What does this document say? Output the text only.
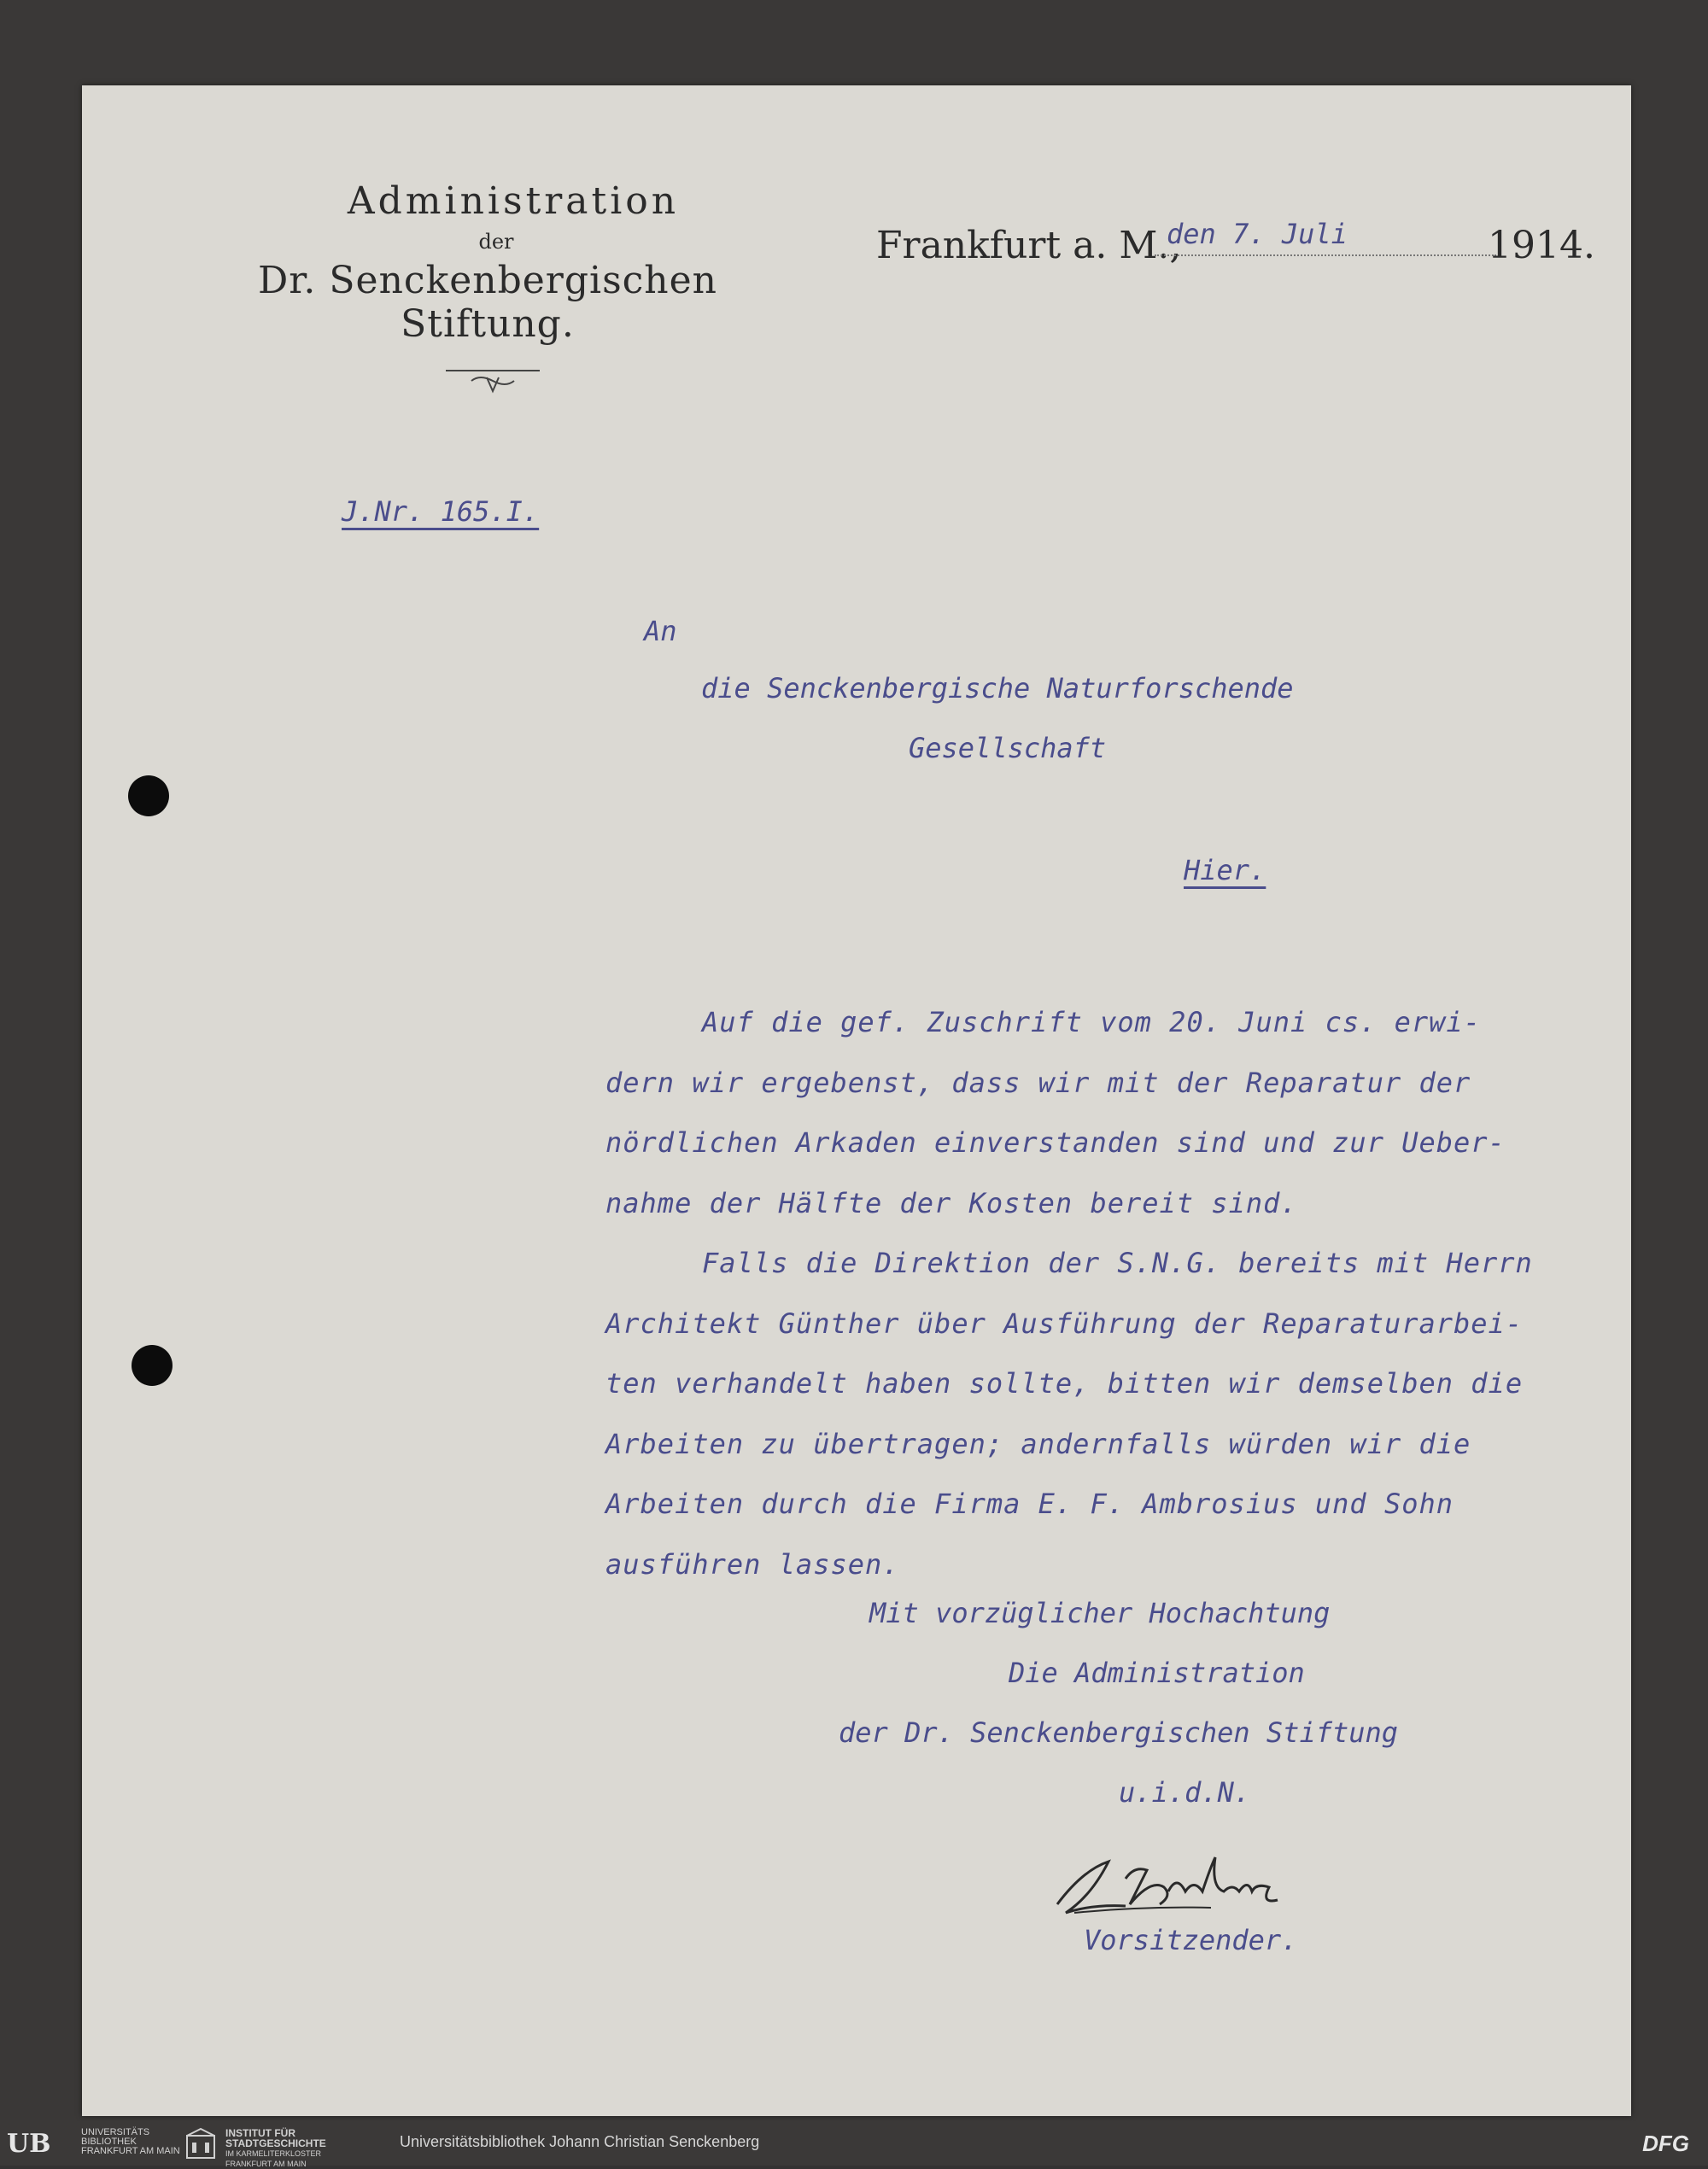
Administration
der
Dr. Senckenbergischen Stiftung.
Frankfurt a. M.,
den 7. Juli	1914.
J.Nr. 165.I.
An
die Senckenbergische Naturforschende
Gesellschaft
Hier.

Auf die gef. Zuschrift vom 20. Juni cs. erwi-

dern wir ergebenst, dass wir mit der Reparatur der

nördlichen Arkaden einverstanden sind und zur Ueber-

nahme der Hälfte der Kosten bereit sind.

Falls die Direktion der S.N.G. bereits mit Herrn

Architekt Günther über Ausführung der Reparaturarbei-

ten verhandelt haben sollte, bitten wir demselben die

Arbeiten zu übertragen; andernfalls würden wir die

Arbeiten durch die Firma E. F. Ambrosius und Sohn

ausführen lassen.

Mit vorzüglicher Hochachtung
Die Administration
der Dr. Senckenbergischen Stiftung
u.i.d.N.
Vorsitzender.
UB	UNIVERSITÄTS
BIBLIOTHEK
FRANKFURT AM MAIN
INSTITUT FÜR
STADTGESCHICHTE
IM KARMELITERKLOSTER
FRANKFURT AM MAIN
Universitätsbibliothek Johann Christian Senckenberg	DFG
